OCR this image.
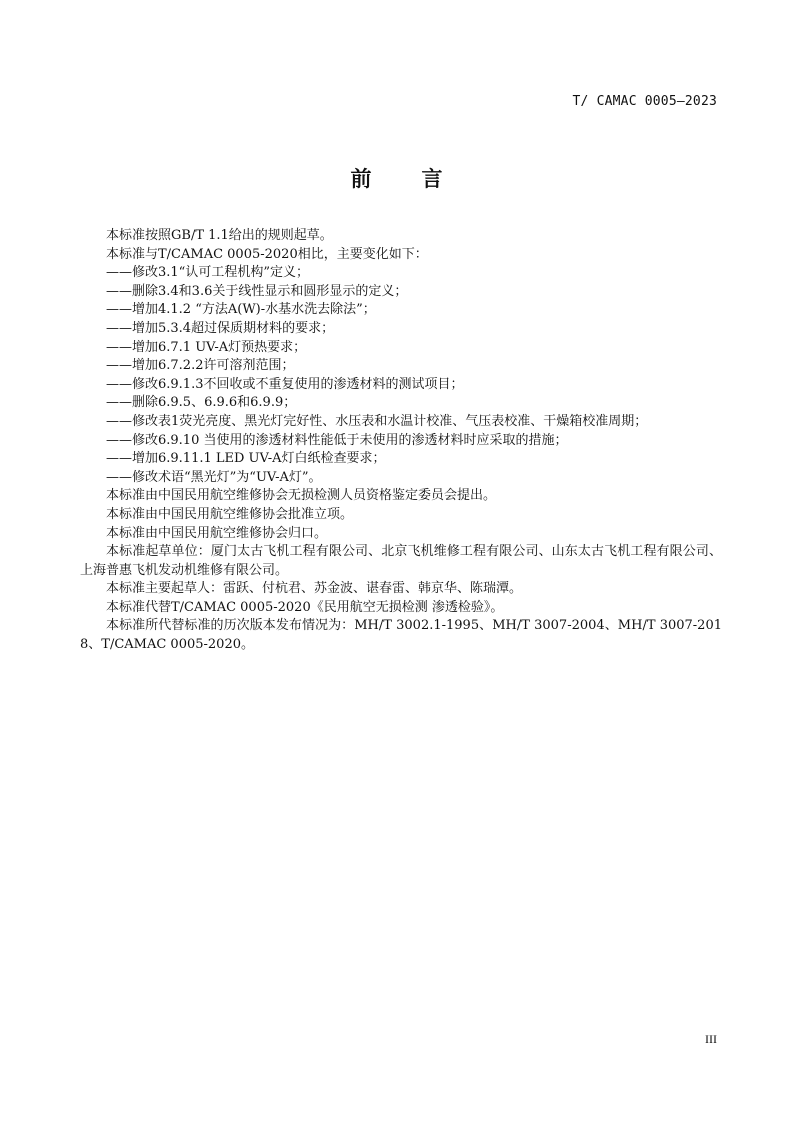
T/ CAMAC 0005—2023
前 言

本标准按照GB/T 1.1给出的规则起草。

本标准与T/CAMAC 0005-2020相比，主要变化如下：

——修改3.1“认可工程机构”定义；

——删除3.4和3.6关于线性显示和圆形显示的定义；

——增加4.1.2 “方法A(W)-水基水洗去除法”；

——增加5.3.4超过保质期材料的要求；

——增加6.7.1 UV-A灯预热要求；

——增加6.7.2.2许可溶剂范围；

——修改6.9.1.3不回收或不重复使用的渗透材料的测试项目；

——删除6.9.5、6.9.6和6.9.9；

——修改表1荧光亮度、黑光灯完好性、水压表和水温计校准、气压表校准、干燥箱校准周期；

——修改6.9.10 当使用的渗透材料性能低于未使用的渗透材料时应采取的措施；

——增加6.9.11.1 LED UV-A灯白纸检查要求；

——修改术语“黑光灯”为“UV-A灯”。

本标准由中国民用航空维修协会无损检测人员资格鉴定委员会提出。

本标准由中国民用航空维修协会批准立项。

本标准由中国民用航空维修协会归口。

本标准起草单位：厦门太古飞机工程有限公司、北京飞机维修工程有限公司、山东太古飞机工程有限公司、上海普惠飞机发动机维修有限公司。

本标准主要起草人：雷跃、付杭君、苏金波、谌春雷、韩京华、陈瑞潭。

本标准代替T/CAMAC 0005-2020《民用航空无损检测 渗透检验》。

本标准所代替标准的历次版本发布情况为：MH/T 3002.1-1995、MH/T 3007-2004、MH/T 3007-2018、T/CAMAC 0005-2020。

III
